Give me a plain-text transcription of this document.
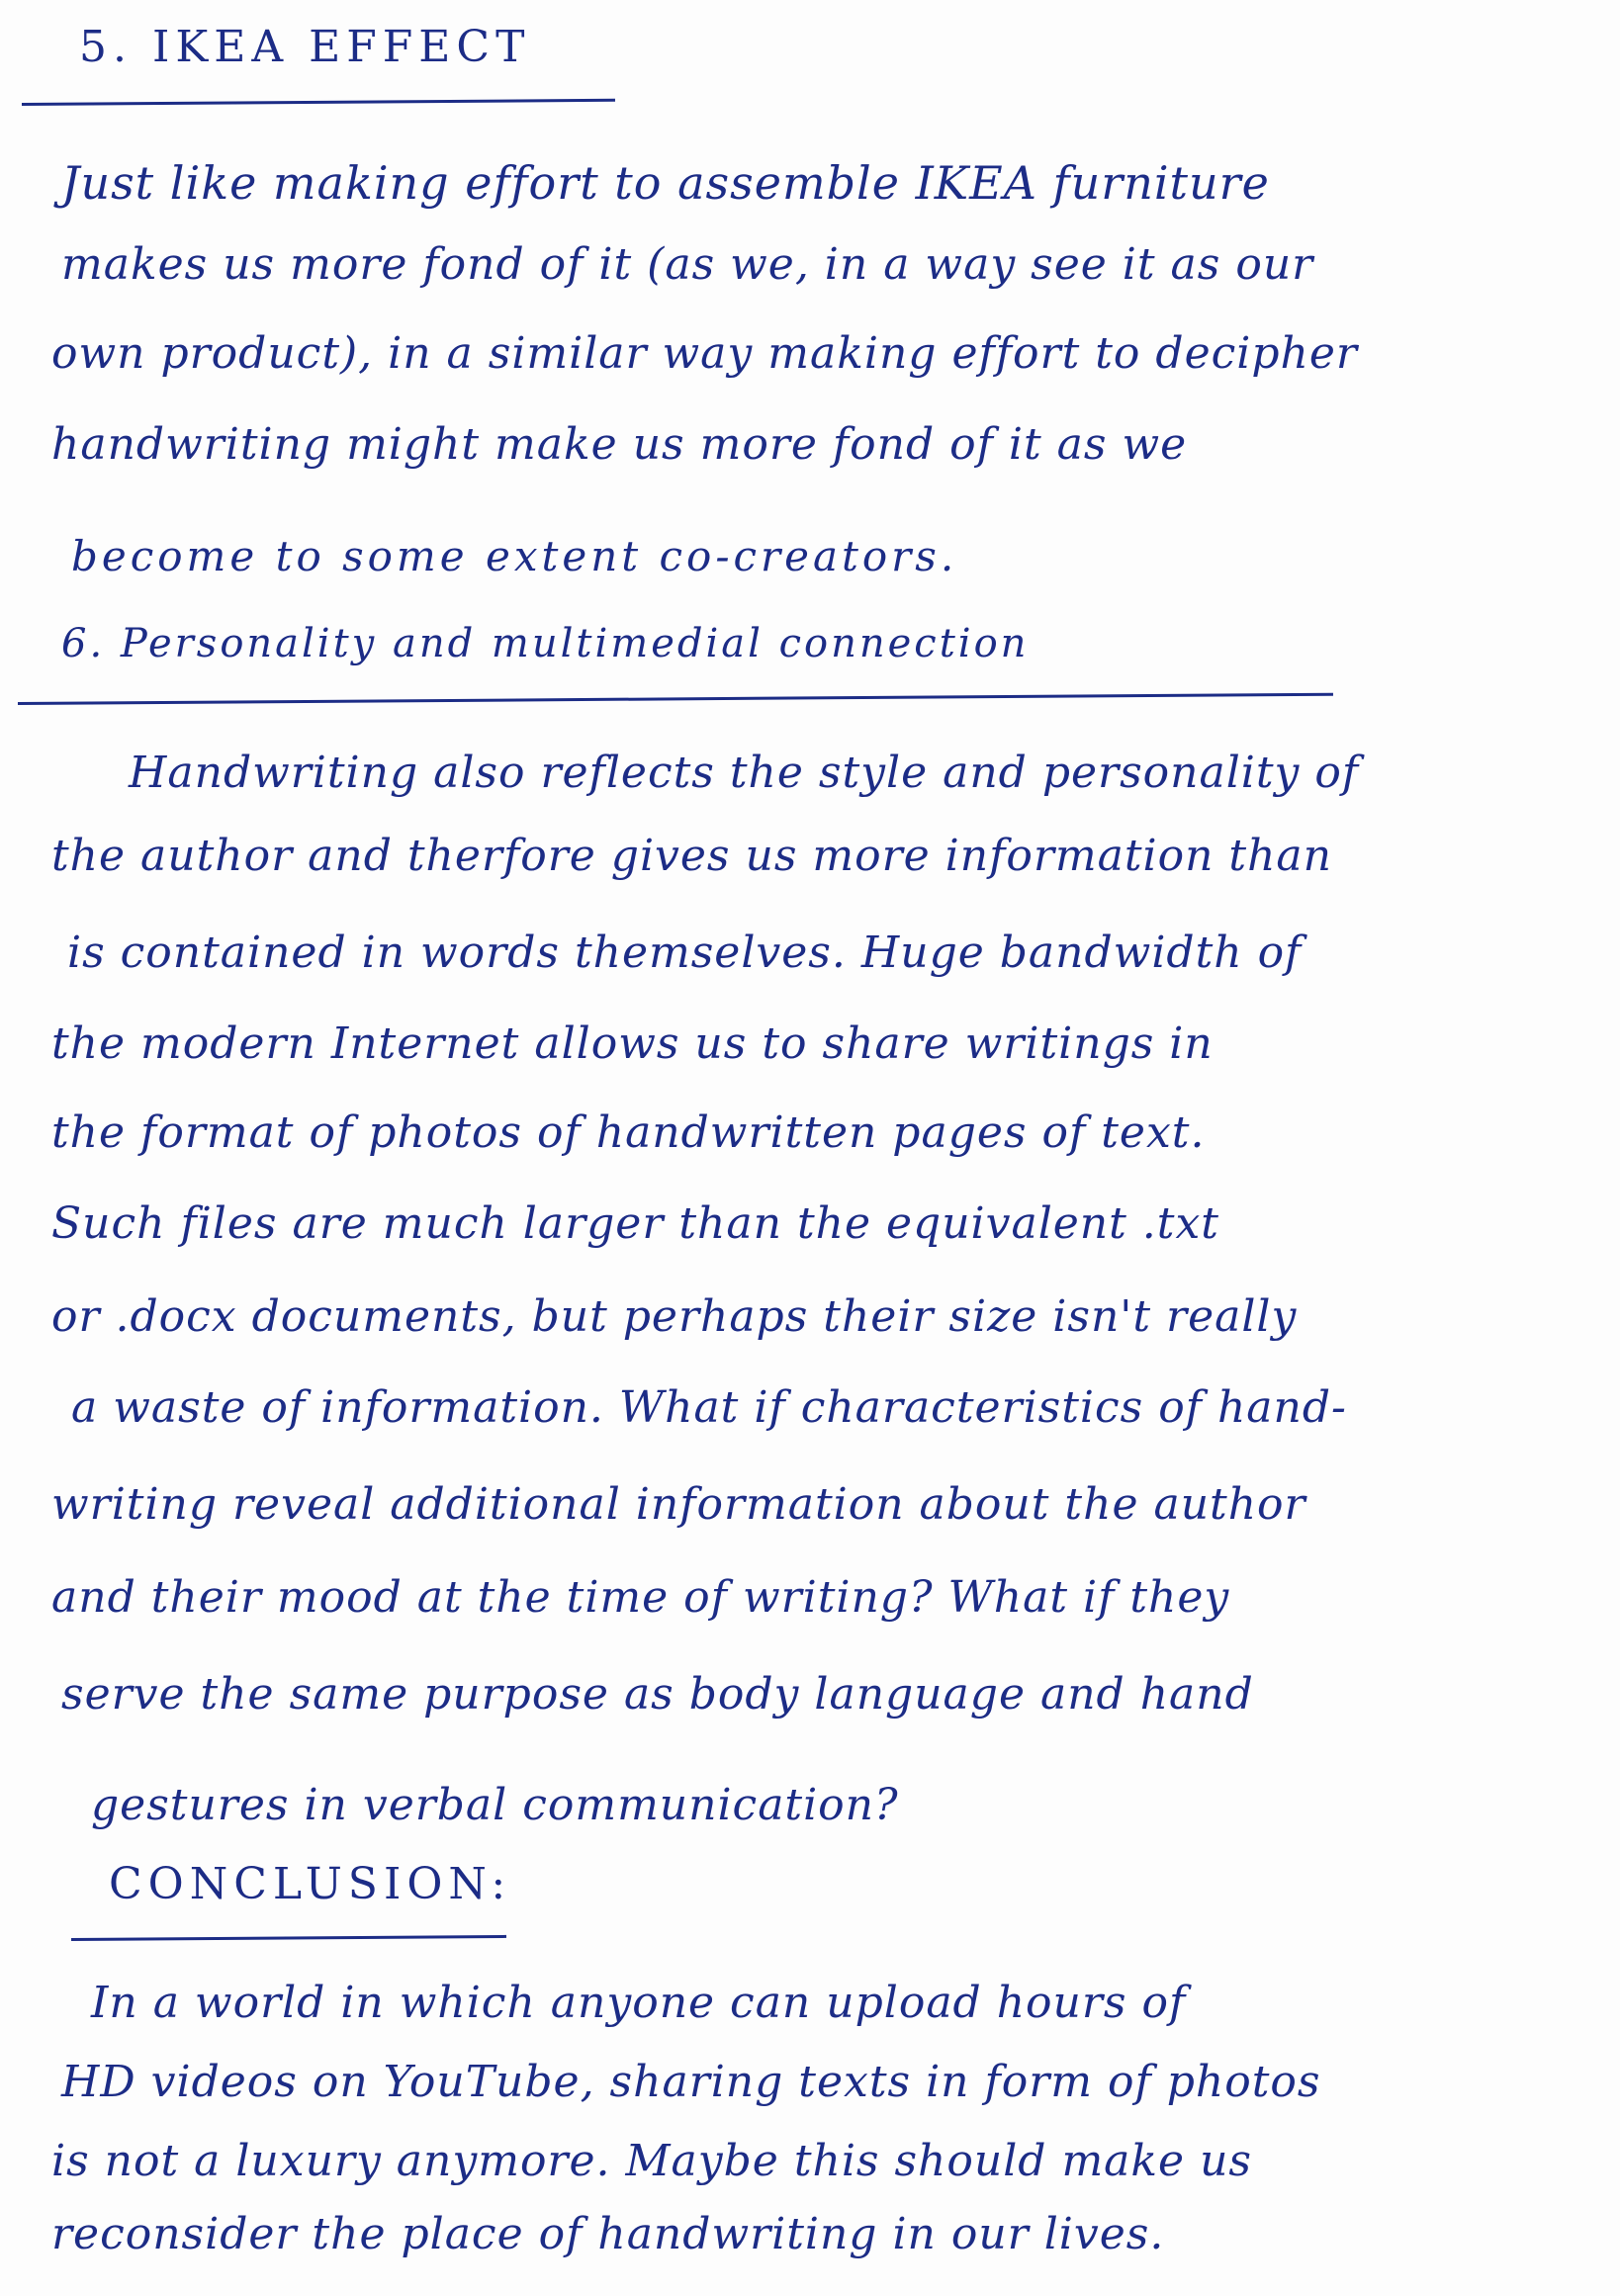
5. IKEA EFFECT
Just like making effort to assemble IKEA furniture
makes us more fond of it (as we, in a way see it as our
own product), in a similar way making effort to decipher
handwriting might make us more fond of it as we
become to some extent co-creators.
6. Personality and multimedial connection
Handwriting also reflects the style and personality of
the author and therfore gives us more information than
is contained in words themselves. Huge bandwidth of
the modern Internet allows us to share writings in
the format of photos of handwritten pages of text.
Such files are much larger than the equivalent .txt
or .docx documents, but perhaps their size isn't really
a waste of information. What if characteristics of hand-
writing reveal additional information about the author
and their mood at the time of writing? What if they
serve the same purpose as body language and hand
gestures in verbal communication?
CONCLUSION:
In a world in which anyone can upload hours of
HD videos on YouTube, sharing texts in form of photos
is not a luxury anymore. Maybe this should make us
reconsider the place of handwriting in our lives.
